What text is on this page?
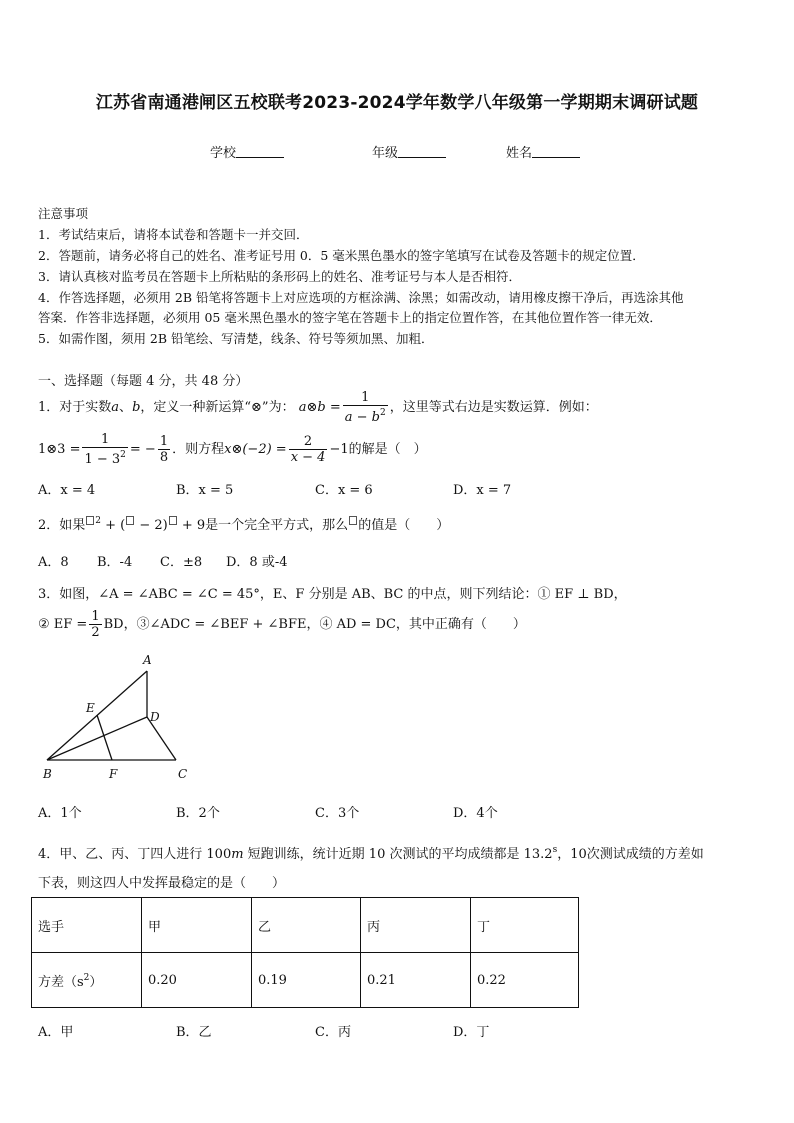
江苏省南通港闸区五校联考2023-2024学年数学八年级第一学期期末调研试题
学校	年级	姓名
注意事项
1．考试结束后，请将本试卷和答题卡一并交回．
2．答题前，请务必将自己的姓名、准考证号用 0．5 毫米黑色墨水的签字笔填写在试卷及答题卡的规定位置．
3．请认真核对监考员在答题卡上所粘贴的条形码上的姓名、准考证号与本人是否相符．
4．作答选择题，必须用 2B 铅笔将答题卡上对应选项的方框涂满、涂黑；如需改动，请用橡皮擦干净后，再选涂其他
答案．作答非选择题，必须用 05 毫米黑色墨水的签字笔在答题卡上的指定位置作答，在其他位置作答一律无效．
5．如需作图，须用 2B 铅笔绘、写清楚，线条、符号等须加黑、加粗．
一、选择题（每题 4 分，共 48 分）
1．对于实数a、b，定义一种新运算“⊗”为： a⊗b = $\frac{1}{a - b^2}$ ，这里等式右边是实数运算．例如：
1⊗3 = $\frac{1}{1 - 3^2}$ = − $\frac{1}{8}$ ．则方程x⊗(−2) = $\frac{2}{x - 4} -1$的解是（　）
A．x = 4	B．x = 5	C．x = 6	D．x = 7
2．如果 $^2$ + ( − 2) + 9是一个完全平方式，那么 的值是（　　）
A．8 B．-4 C．±8 D．8 或-4
3．如图，∠A = ∠ABC = ∠C = 45°，E、F 分别是 AB、BC 的中点，则下列结论：① EF ⊥ BD，
② EF = $\frac{1}{2}$ BD，③∠ADC = ∠BEF + ∠BFE，④ AD = DC，其中正确有（　　）
A
B	C
D
E
F
A．1个	B．2个	C．3个	D．4个
4．甲、乙、丙、丁四人进行 100m 短跑训练，统计近期 10 次测试的平均成绩都是 13.2$^s$，10次测试成绩的方差如
下表，则这四人中发挥最稳定的是（　　）
选手	甲	乙	丙	丁
方差$(s^2)$	0.20	0.19	0.21	0.22
A．甲	B．乙	C．丙	D．丁
